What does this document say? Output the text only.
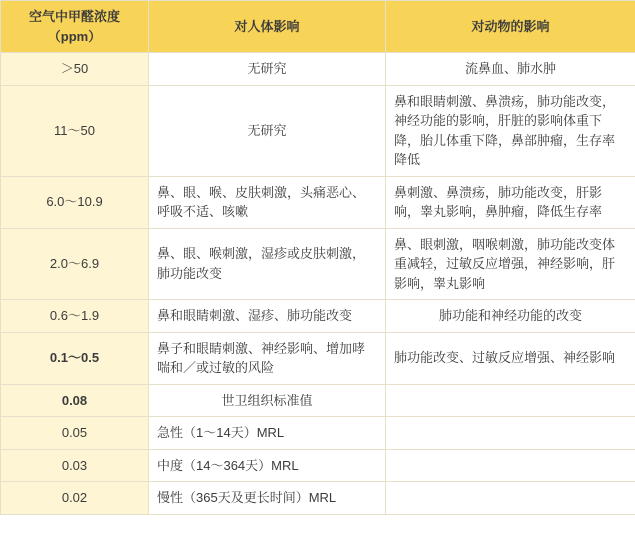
空气中甲醛浓度
（ppm）	对人体影响	对动物的影响
＞50	无研究	流鼻血、肺水肿
11～50	无研究	鼻和眼睛刺激、鼻溃疡，肺功能改变，神经功能的影响，肝脏的影响体重下降，胎儿体重下降，鼻部肿瘤，生存率降低
6.0～10.9	鼻、眼、喉、皮肤刺激，头痛恶心、呼吸不适、咳嗽	鼻刺激、鼻溃疡，肺功能改变，肝影响，睾丸影响，鼻肿瘤，降低生存率
2.0～6.9	鼻、眼、喉刺激，湿疹或皮肤刺激，肺功能改变	鼻、眼刺激，咽喉刺激，肺功能改变体重减轻，过敏反应增强，神经影响，肝影响，睾丸影响
0.6～1.9	鼻和眼睛刺激、湿疹、肺功能改变	肺功能和神经功能的改变
0.1～0.5	鼻子和眼睛刺激、神经影响、增加哮喘和／或过敏的风险	肺功能改变、过敏反应增强、神经影响
0.08	世卫组织标准值	
0.05	急性（1～14天）MRL	
0.03	中度（14～364天）MRL	
0.02	慢性（365天及更长时间）MRL	
